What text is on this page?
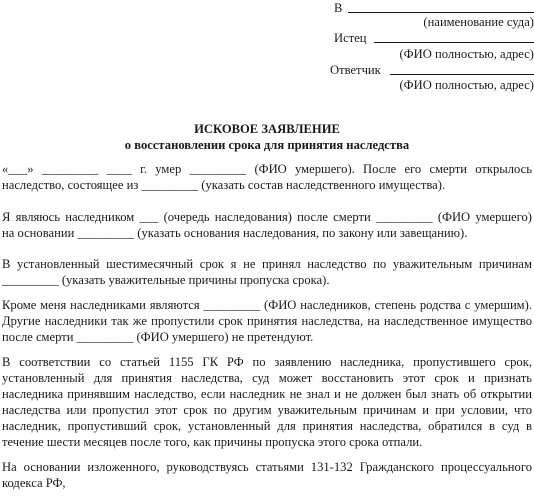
В
(наименование суда)
Истец
(ФИО полностью, адрес)
Ответчик
(ФИО полностью, адрес)
ИСКОВОЕ ЗАЯВЛЕНИЕ
о восстановлении срока для принятия наследства
«___» _________ ____ г. умер _________ (ФИО умершего). После его смерти открылось
наследство, состоящее из _________ (указать состав наследственного имущества).
Я являюсь наследником ___ (очередь наследования) после смерти _________ (ФИО умершего)
на основании _________ (указать основания наследования, по закону или завещанию).
В установленный шестимесячный срок я не принял наследство по уважительным причинам
_________ (указать уважительные причины пропуска срока).
Кроме меня наследниками являются _________ (ФИО наследников, степень родства с умершим).
Другие наследники так же пропустили срок принятия наследства, на наследственное имущество
после смерти _________ (ФИО умершего) не претендуют.
В соответствии со статьей 1155 ГК РФ по заявлению наследника, пропустившего срок,
установленный для принятия наследства, суд может восстановить этот срок и признать
наследника принявшим наследство, если наследник не знал и не должен был знать об открытии
наследства или пропустил этот срок по другим уважительным причинам и при условии, что
наследник, пропустивший срок, установленный для принятия наследства, обратился в суд в
течение шести месяцев после того, как причины пропуска этого срока отпали.
На основании изложенного, руководствуясь статьями 131-132 Гражданского процессуального
кодекса РФ,
